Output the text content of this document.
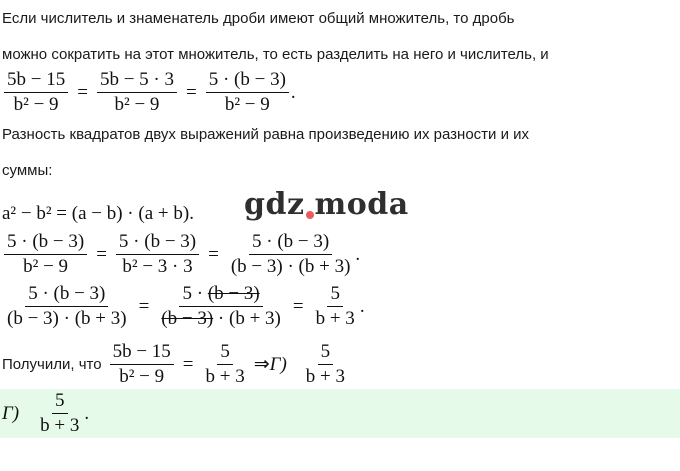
Если числитель и знаменатель дроби имеют общий множитель, то дробь
можно сократить на этот множитель, то есть разделить на него и числитель, и
$\frac{5b - 15}{\text{b² − 9}} = \frac{5b - 5 \cdot 3}{\text{b² − 9}} = \frac{5 \cdot (b - 3)}{\text{b² − 9}}$ .
Разность квадратов двух выражений равна произведению их разности и их
суммы:
a² − b² = (a − b) · (a + b). gdz moda
$\frac{5 \cdot (b - 3)}{\text{b² − 9}} = \frac{5 \cdot (b - 3)}{\text{b² − 3 · 3}} = \frac{5 \cdot (b - 3)}{(b - 3) \cdot (b + 3)}$ .
$\frac{5 \cdot (b - 3)}{(b - 3) \cdot (b + 3)} = \frac{5 \cdot (b - 3)}{(b - 3) \cdot (b + 3)} = \frac{5}{b + 3}$ .
Получили, что $\frac{5b - 15}{\text{b² − 9}} = \frac{5}{b + 3}$ ⇒ $Г) \frac{5}{b + 3}$
$Г) \frac{5}{b + 3}$ .
